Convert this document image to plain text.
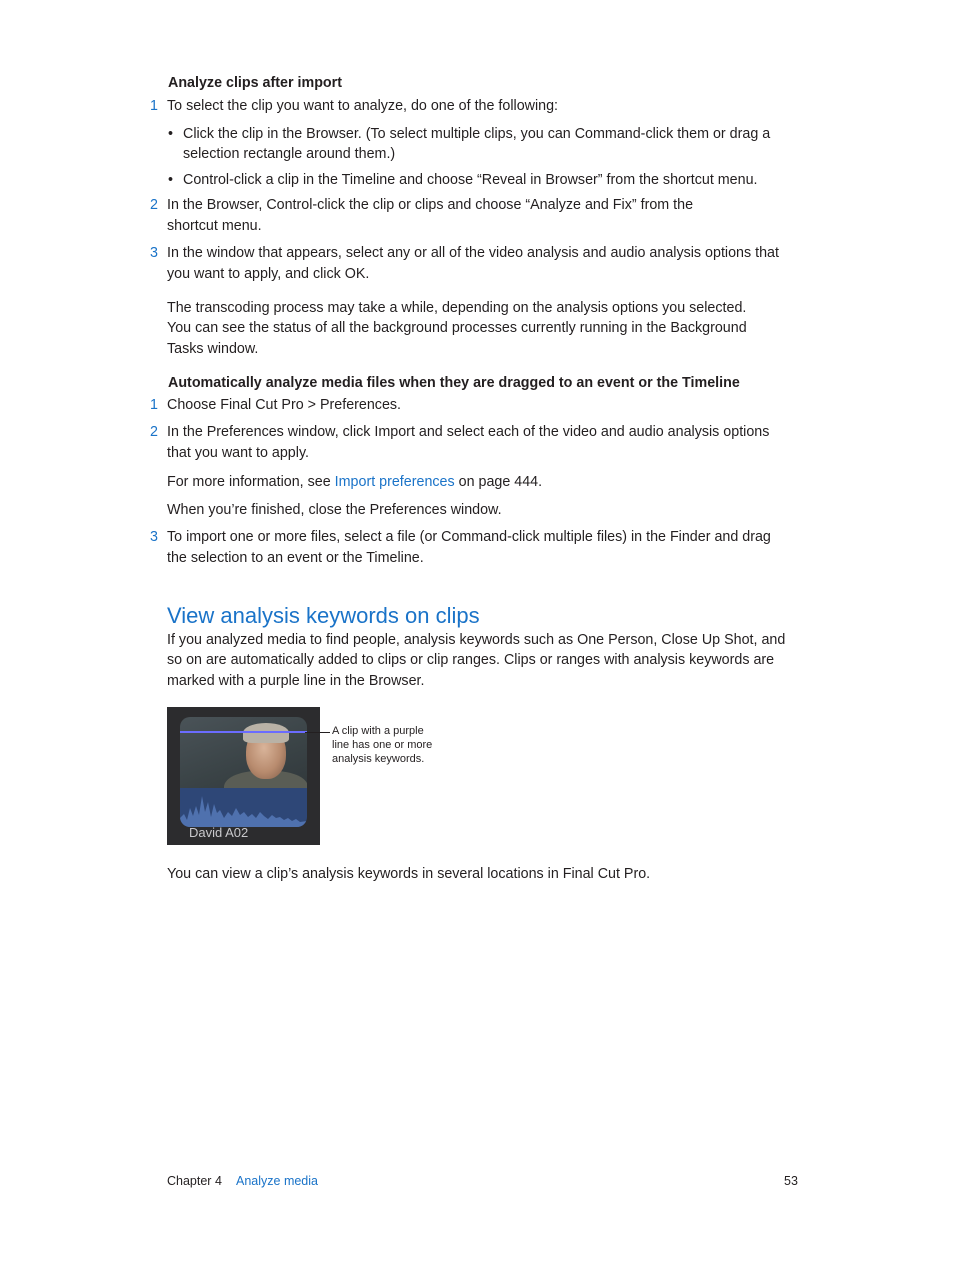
Analyze clips after import
1 To select the clip you want to analyze, do one of the following:

• Click the clip in the Browser. (To select multiple clips, you can Command-click them or drag a

selection rectangle around them.)

• Control-click a clip in the Timeline and choose “Reveal in Browser” from the shortcut menu.

2 In the Browser, Control-click the clip or clips and choose “Analyze and Fix” from the

shortcut menu.

3 In the window that appears, select any or all of the video analysis and audio analysis options that

you want to apply, and click OK.

The transcoding process may take a while, depending on the analysis options you selected.

You can see the status of all the background processes currently running in the Background

Tasks window.

Automatically analyze media files when they are dragged to an event or the Timeline
1 Choose Final Cut Pro > Preferences.

2 In the Preferences window, click Import and select each of the video and audio analysis options

that you want to apply.

For more information, see Import preferences on page 444.

When you’re finished, close the Preferences window.

3 To import one or more files, select a file (or Command-click multiple files) in the Finder and drag

the selection to an event or the Timeline.

View analysis keywords on clips

If you analyzed media to find people, analysis keywords such as One Person, Close Up Shot, and

so on are automatically added to clips or clip ranges. Clips or ranges with analysis keywords are

marked with a purple line in the Browser.

David A02
A clip with a purple
line has one or more
analysis keywords.

You can view a clip’s analysis keywords in several locations in Final Cut Pro.

Chapter 4 Analyze media	53
